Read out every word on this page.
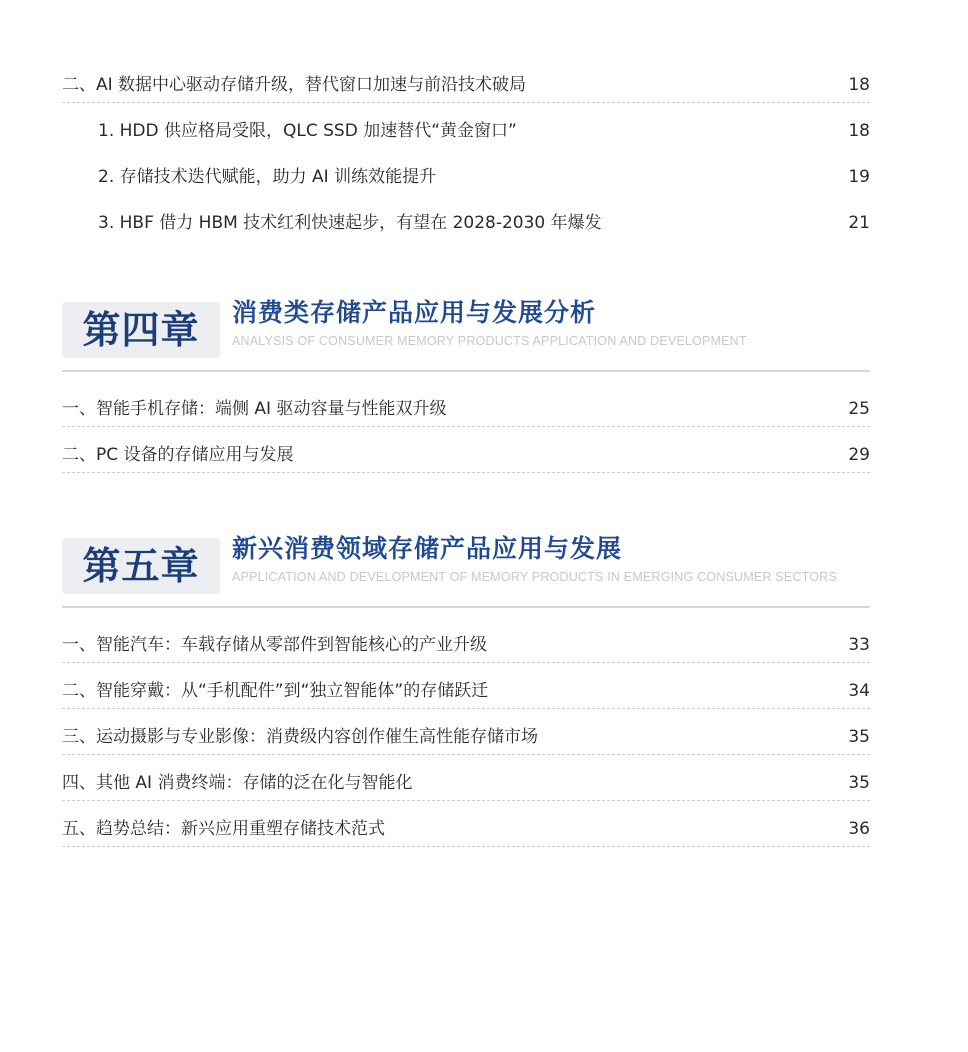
二、AI 数据中心驱动存储升级，替代窗口加速与前沿技术破局	18
1. HDD 供应格局受限，QLC SSD 加速替代“黄金窗口”	18
2. 存储技术迭代赋能，助力 AI 训练效能提升	19
3. HBF 借力 HBM 技术红利快速起步，有望在 2028-2030 年爆发	21
第四章	消费类存储产品应用与发展分析
ANALYSIS OF CONSUMER MEMORY PRODUCTS APPLICATION AND DEVELOPMENT
一、智能手机存储：端侧 AI 驱动容量与性能双升级	25
二、PC 设备的存储应用与发展	29
第五章	新兴消费领域存储产品应用与发展
APPLICATION AND DEVELOPMENT OF MEMORY PRODUCTS IN EMERGING CONSUMER SECTORS
一、智能汽车：车载存储从零部件到智能核心的产业升级	33
二、智能穿戴：从“手机配件”到“独立智能体”的存储跃迁	34
三、运动摄影与专业影像：消费级内容创作催生高性能存储市场	35
四、其他 AI 消费终端：存储的泛在化与智能化	35
五、趋势总结：新兴应用重塑存储技术范式	36
